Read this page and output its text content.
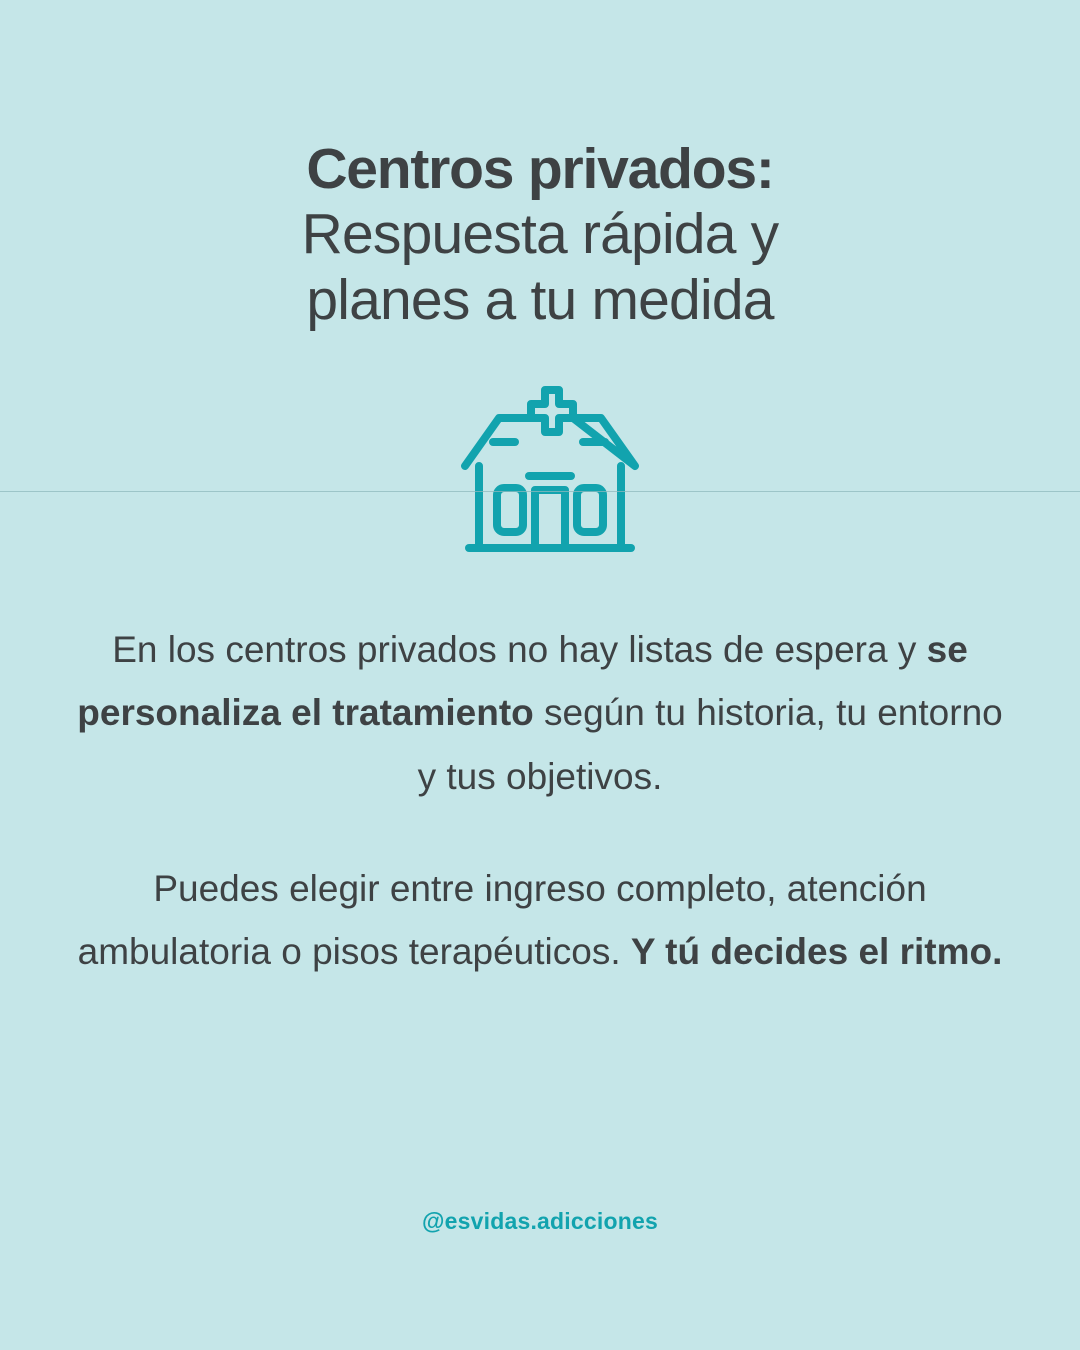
Centros privados:
Respuesta rápida y
planes a tu medida

En los centros privados no hay listas de espera y se personaliza el tratamiento según tu historia, tu entorno y tus objetivos.

Puedes elegir entre ingreso completo, atención ambulatoria o pisos terapéuticos. Y tú decides el ritmo.

@esvidas.adicciones
